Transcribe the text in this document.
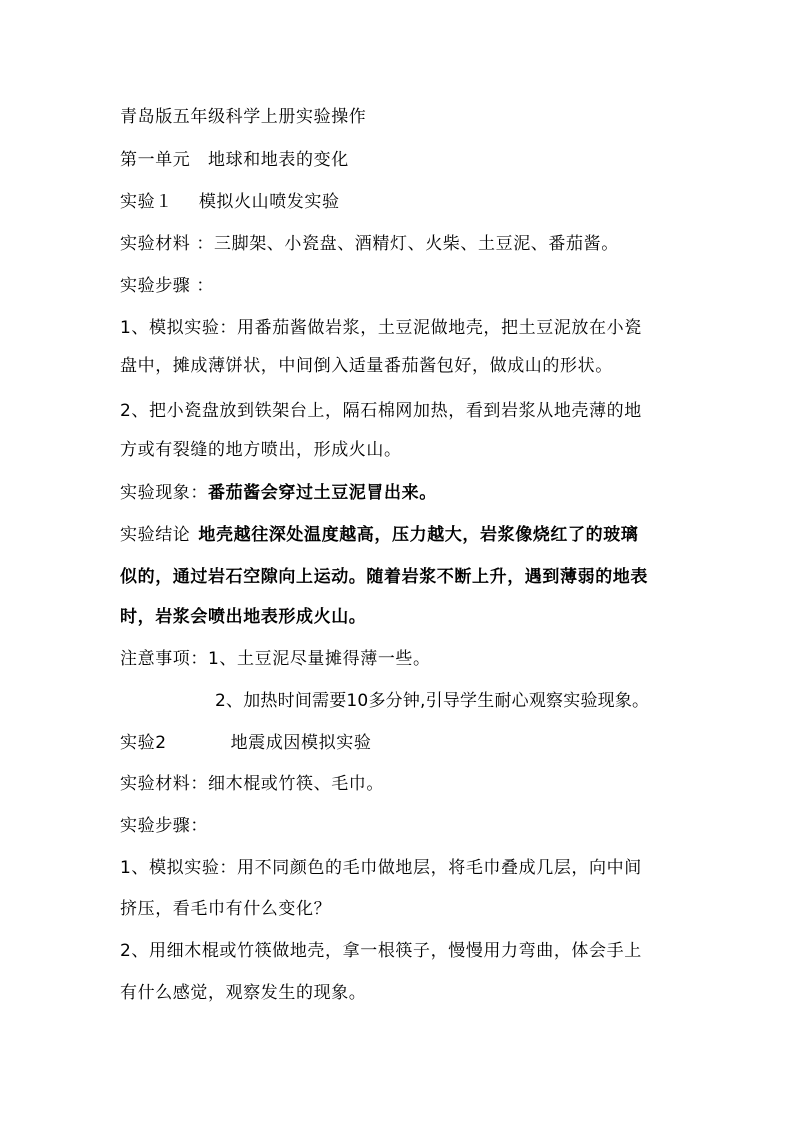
青岛版五年级科学上册实验操作
第一单元　地球和地表的变化
实验１ 模拟火山喷发实验
实验材料 ：三脚架、小瓷盘、酒精灯、火柴、土豆泥、番茄酱。
实验步骤 ：
1、模拟实验：用番茄酱做岩浆，土豆泥做地壳，把土豆泥放在小瓷
盘中，摊成薄饼状，中间倒入适量番茄酱包好，做成山的形状。
2、把小瓷盘放到铁架台上，隔石棉网加热，看到岩浆从地壳薄的地
方或有裂缝的地方喷出，形成火山。
实验现象：番茄酱会穿过土豆泥冒出来。
实验结论 地壳越往深处温度越高，压力越大，岩浆像烧红了的玻璃
似的，通过岩石空隙向上运动。随着岩浆不断上升，遇到薄弱的地表
时，岩浆会喷出地表形成火山。
注意事项：1、土豆泥尽量摊得薄一些。
2、加热时间需要10多分钟,引导学生耐心观察实验现象。
实验2	地震成因模拟实验
实验材料：细木棍或竹筷、毛巾。
实验步骤：
1、模拟实验：用不同颜色的毛巾做地层，将毛巾叠成几层，向中间
挤压，看毛巾有什么变化？
2、用细木棍或竹筷做地壳，拿一根筷子，慢慢用力弯曲，体会手上
有什么感觉，观察发生的现象。
